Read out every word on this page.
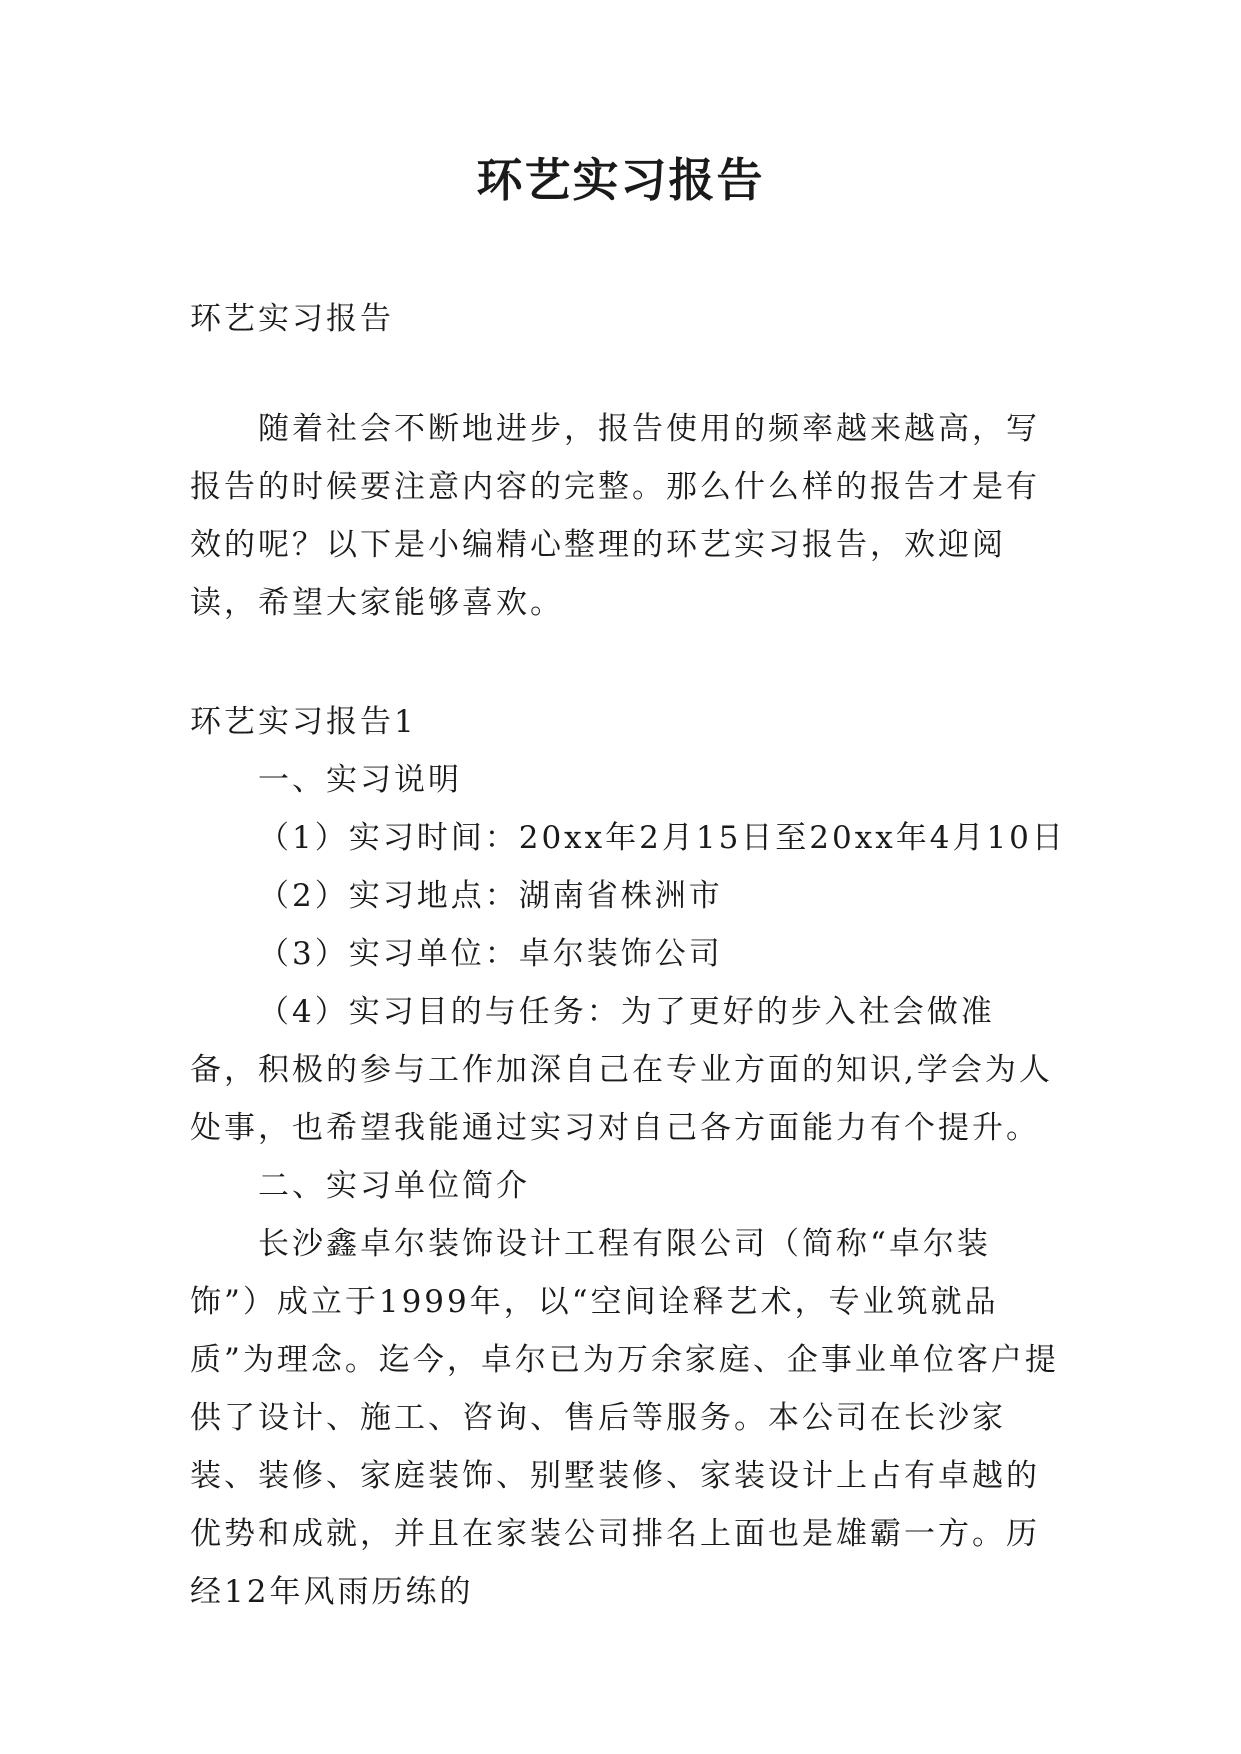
环艺实习报告

环艺实习报告

随着社会不断地进步，报告使用的频率越来越高，写报告的时候要注意内容的完整。那么什么样的报告才是有效的呢？以下是小编精心整理的环艺实习报告，欢迎阅读，希望大家能够喜欢。

环艺实习报告1

一、实习说明

（1）实习时间：20xx年2月15日至20xx年4月10日

（2）实习地点：湖南省株洲市

（3）实习单位：卓尔装饰公司

（4）实习目的与任务：为了更好的步入社会做准备，积极的参与工作加深自己在专业方面的知识,学会为人处事，也希望我能通过实习对自己各方面能力有个提升。

二、实习单位简介

长沙鑫卓尔装饰设计工程有限公司（简称“卓尔装饰”）成立于1999年，以“空间诠释艺术，专业筑就品质”为理念。迄今，卓尔已为万余家庭、企事业单位客户提供了设计、施工、咨询、售后等服务。本公司在长沙家装、装修、家庭装饰、别墅装修、家装设计上占有卓越的优势和成就，并且在家装公司排名上面也是雄霸一方。历经12年风雨历练的
